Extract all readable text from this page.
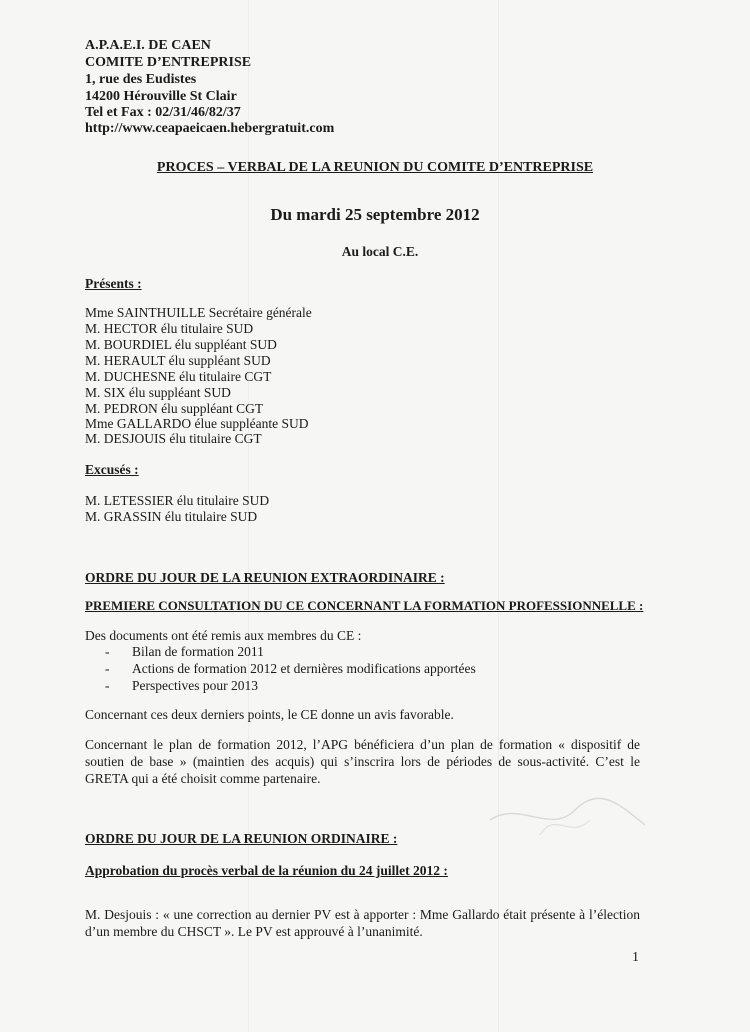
A.P.A.E.I. DE CAEN
COMITE D’ENTREPRISE
1, rue des Eudistes
14200 Hérouville St Clair
Tel et Fax : 02/31/46/82/37
http://www.ceapaeicaen.hebergratuit.com
PROCES – VERBAL DE LA REUNION DU COMITE D’ENTREPRISE
Du mardi 25 septembre 2012
Au local C.E.
Présents :
Mme SAINTHUILLE Secrétaire générale
M. HECTOR élu titulaire SUD
M. BOURDIEL élu suppléant SUD
M. HERAULT élu suppléant SUD
M. DUCHESNE élu titulaire CGT
M. SIX élu suppléant SUD
M. PEDRON élu suppléant CGT
Mme GALLARDO élue suppléante SUD
M. DESJOUIS élu titulaire CGT
Excusés :
M. LETESSIER élu titulaire SUD
M. GRASSIN élu titulaire SUD
ORDRE DU JOUR DE LA REUNION EXTRAORDINAIRE :
PREMIERE CONSULTATION DU CE CONCERNANT LA FORMATION PROFESSIONNELLE :
Des documents ont été remis aux membres du CE :
- Bilan de formation 2011
- Actions de formation 2012 et dernières modifications apportées
- Perspectives pour 2013
Concernant ces deux derniers points, le CE donne un avis favorable.
Concernant le plan de formation 2012, l’APG bénéficiera d’un plan de formation « dispositif de soutien de base » (maintien des acquis) qui s’inscrira lors de périodes de sous-activité. C’est le GRETA qui a été choisit comme partenaire.
ORDRE DU JOUR DE LA REUNION ORDINAIRE :
Approbation du procès verbal de la réunion du 24 juillet 2012 :
M. Desjouis : « une correction au dernier PV est à apporter : Mme Gallardo était présente à l’élection d’un membre du CHSCT ». Le PV est approuvé à l’unanimité.
1
